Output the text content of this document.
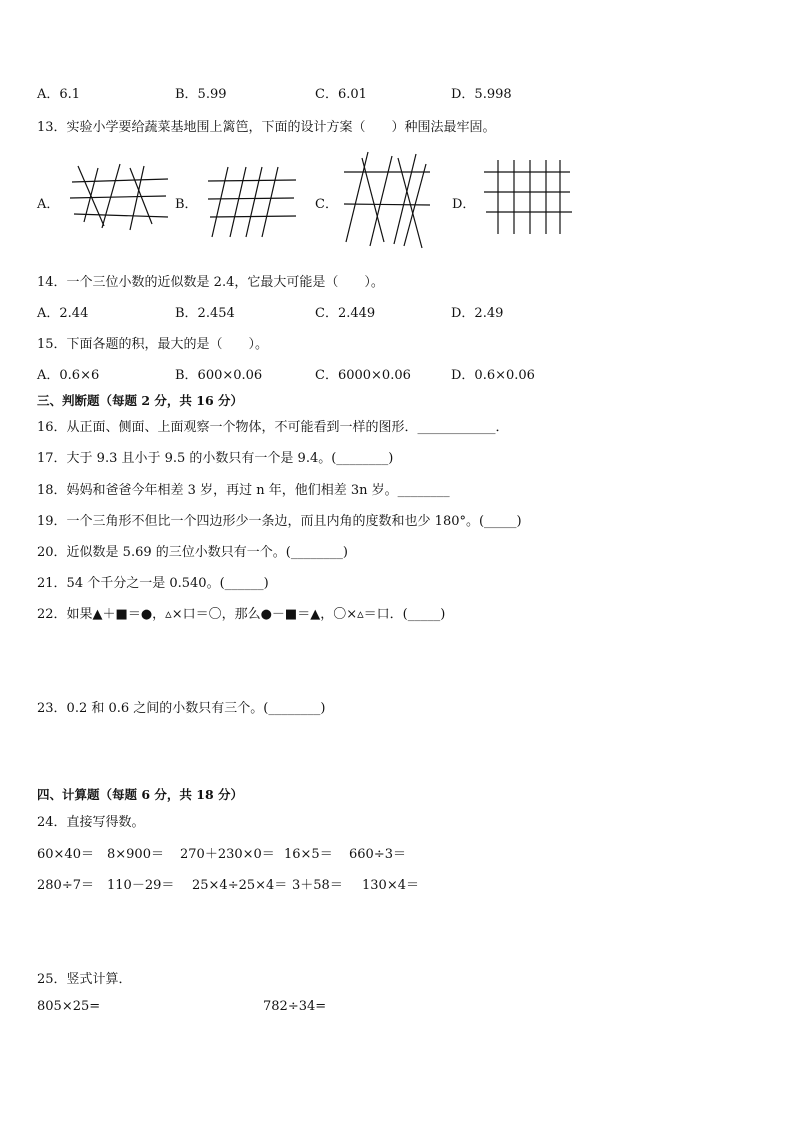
A．6.1	B．5.99	C．6.01	D．5.998
13．实验小学要给蔬菜基地围上篱笆，下面的设计方案（　　）种围法最牢固。
A．	B．	C．	D．
14．一个三位小数的近似数是 2.4，它最大可能是（　　）。
A．2.44	B．2.454	C．2.449	D．2.49
15．下面各题的积，最大的是（　　）。
A．0.6×6	B．600×0.06	C．6000×0.06	D．0.6×0.06
三、判断题（每题 2 分，共 16 分）
16．从正面、侧面、上面观察一个物体，不可能看到一样的图形．____________．
17．大于 9.3 且小于 9.5 的小数只有一个是 9.4。(________)
18．妈妈和爸爸今年相差 3 岁，再过 n 年，他们相差 3n 岁。________
19．一个三角形不但比一个四边形少一条边，而且内角的度数和也少 180°。(_____)
20．近似数是 5.69 的三位小数只有一个。(________)
21．54 个千分之一是 0.540。(______)
22．如果▲＋■＝●，▵×口＝〇，那么●－■＝▲，〇×▵＝口．(_____)
23．0.2 和 0.6 之间的小数只有三个。(________)
四、计算题（每题 6 分，共 18 分）
24．直接写得数。
60×40＝ 8×900＝ 270＋230×0＝ 16×5＝ 660÷3＝
280÷7＝ 110－29＝ 25×4÷25×4＝ 3＋58＝ 130×4＝
25．竖式计算．
805×25=	782÷34=
